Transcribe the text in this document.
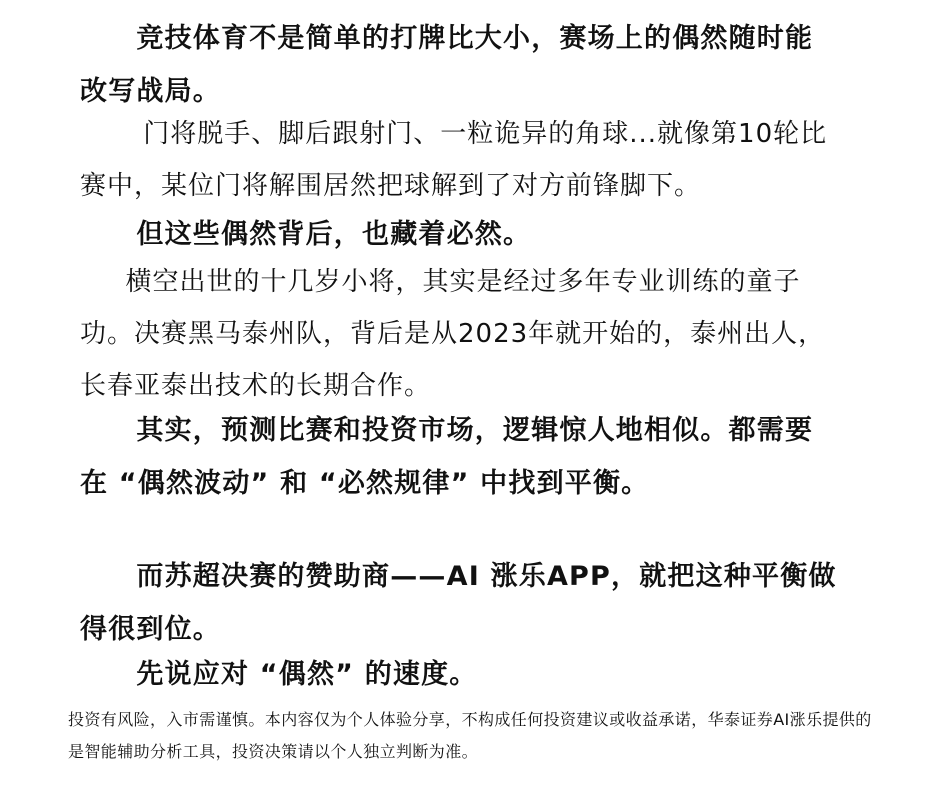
　　竞技体育不是简单的打牌比大小，赛场上的偶然随时能改写战局。

　　 门将脱手、脚后跟射门、一粒诡异的角球...就像第10轮比赛中，某位门将解围居然把球解到了对方前锋脚下。

　　但这些偶然背后，也藏着必然。

　  横空出世的十几岁小将，其实是经过多年专业训练的童子功。决赛黑马泰州队，背后是从2023年就开始的，泰州出人，长春亚泰出技术的长期合作。

　　其实，预测比赛和投资市场，逻辑惊人地相似。都需要在 “偶然波动” 和 “必然规律” 中找到平衡。

　　而苏超决赛的赞助商——AI 涨乐APP，就把这种平衡做得很到位。

　　先说应对 “偶然” 的速度。

投资有风险，入市需谨慎。本内容仅为个人体验分享，不构成任何投资建议或收益承诺，华泰证券AI涨乐提供的是智能辅助分析工具，投资决策请以个人独立判断为准。
